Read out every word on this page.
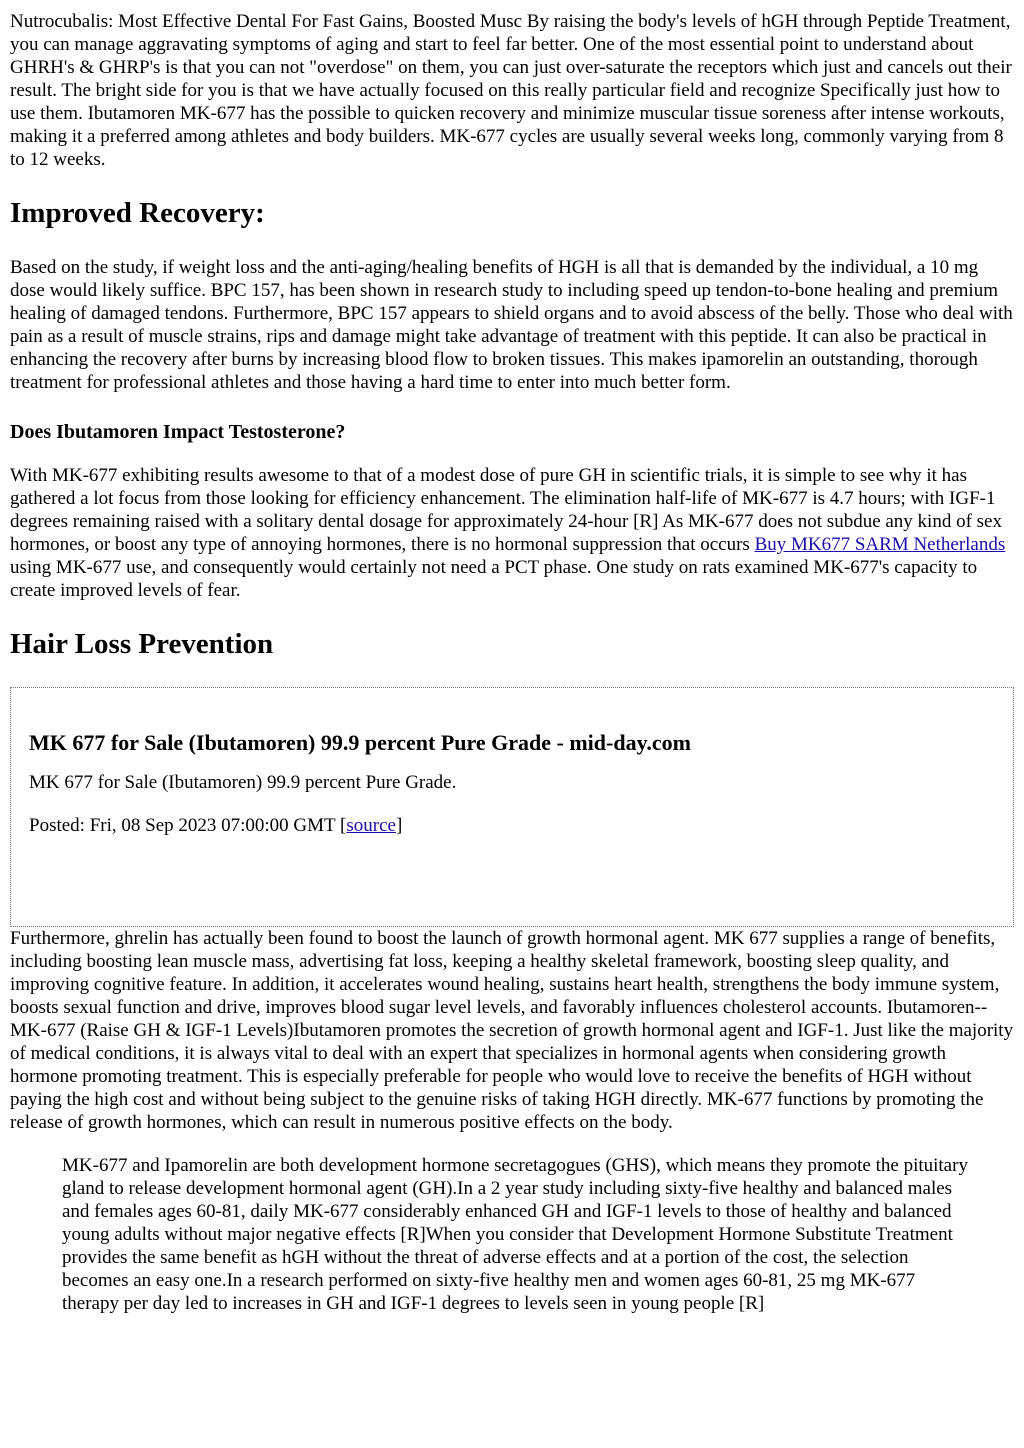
Nutrocubalis: Most Effective Dental For Fast Gains, Boosted Musc By raising the body's levels of hGH through Peptide Treatment, you can manage aggravating symptoms of aging and start to feel far better. One of the most essential point to understand about GHRH's & GHRP's is that you can not "overdose" on them, you can just over-saturate the receptors which just and cancels out their result. The bright side for you is that we have actually focused on this really particular field and recognize Specifically just how to use them. Ibutamoren MK-677 has the possible to quicken recovery and minimize muscular tissue soreness after intense workouts, making it a preferred among athletes and body builders. MK-677 cycles are usually several weeks long, commonly varying from 8 to 12 weeks.

Improved Recovery:

Based on the study, if weight loss and the anti-aging/healing benefits of HGH is all that is demanded by the individual, a 10 mg dose would likely suffice. BPC 157, has been shown in research study to including speed up tendon-to-bone healing and premium healing of damaged tendons. Furthermore, BPC 157 appears to shield organs and to avoid abscess of the belly. Those who deal with pain as a result of muscle strains, rips and damage might take advantage of treatment with this peptide. It can also be practical in enhancing the recovery after burns by increasing blood flow to broken tissues. This makes ipamorelin an outstanding, thorough treatment for professional athletes and those having a hard time to enter into much better form.

Does Ibutamoren Impact Testosterone?

With MK-677 exhibiting results awesome to that of a modest dose of pure GH in scientific trials, it is simple to see why it has gathered a lot focus from those looking for efficiency enhancement. The elimination half-life of MK-677 is 4.7 hours; with IGF-1 degrees remaining raised with a solitary dental dosage for approximately 24-hour [R] As MK-677 does not subdue any kind of sex hormones, or boost any type of annoying hormones, there is no hormonal suppression that occurs Buy MK677 SARM Netherlands using MK-677 use, and consequently would certainly not need a PCT phase. One study on rats examined MK-677's capacity to create improved levels of fear.

Hair Loss Prevention
MK 677 for Sale (Ibutamoren) 99.9 percent Pure Grade - mid-day.com

MK 677 for Sale (Ibutamoren) 99.9 percent Pure Grade.

Posted: Fri, 08 Sep 2023 07:00:00 GMT [source]

Furthermore, ghrelin has actually been found to boost the launch of growth hormonal agent. MK 677 supplies a range of benefits, including boosting lean muscle mass, advertising fat loss, keeping a healthy skeletal framework, boosting sleep quality, and improving cognitive feature. In addition, it accelerates wound healing, sustains heart health, strengthens the body immune system, boosts sexual function and drive, improves blood sugar level levels, and favorably influences cholesterol accounts. Ibutamoren-- MK-677 (Raise GH & IGF-1 Levels)Ibutamoren promotes the secretion of growth hormonal agent and IGF-1. Just like the majority of medical conditions, it is always vital to deal with an expert that specializes in hormonal agents when considering growth hormone promoting treatment. This is especially preferable for people who would love to receive the benefits of HGH without paying the high cost and without being subject to the genuine risks of taking HGH directly. MK-677 functions by promoting the release of growth hormones, which can result in numerous positive effects on the body.

MK-677 and Ipamorelin are both development hormone secretagogues (GHS), which means they promote the pituitary gland to release development hormonal agent (GH).In a 2 year study including sixty-five healthy and balanced males and females ages 60-81, daily MK-677 considerably enhanced GH and IGF-1 levels to those of healthy and balanced young adults without major negative effects [R]When you consider that Development Hormone Substitute Treatment provides the same benefit as hGH without the threat of adverse effects and at a portion of the cost, the selection becomes an easy one.In a research performed on sixty-five healthy men and women ages 60-81, 25 mg MK-677 therapy per day led to increases in GH and IGF-1 degrees to levels seen in young people [R]
